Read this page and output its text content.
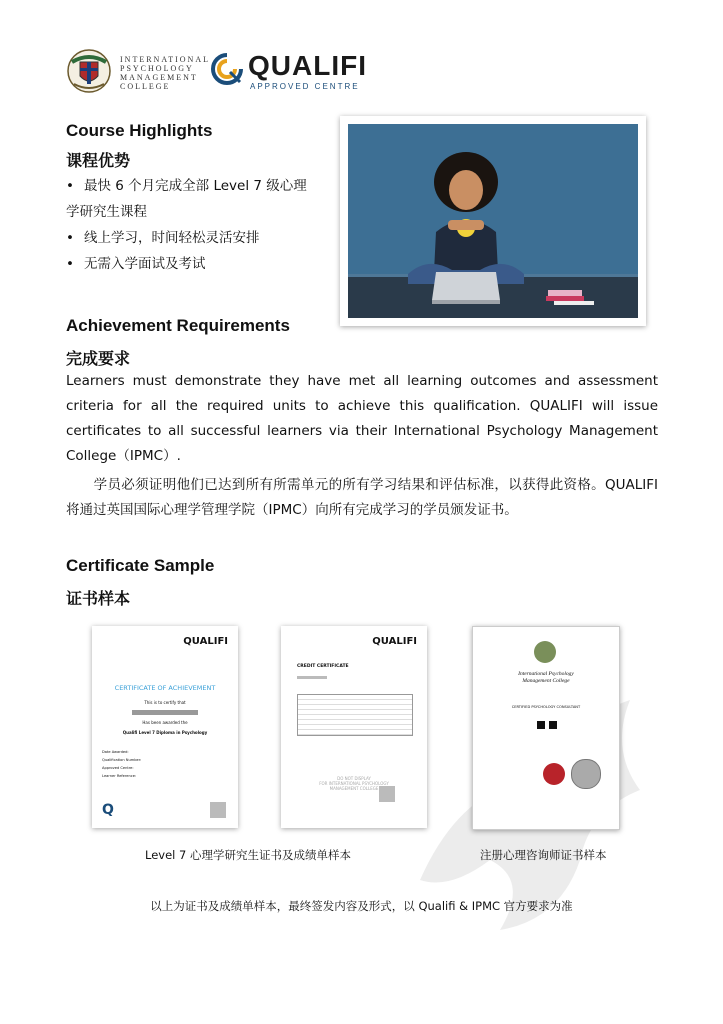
INTERNATIONAL
PSYCHOLOGY
MANAGEMENT
COLLEGE
QUALIFI
APPROVED CENTRE
Course Highlights
课程优势
• 最快 6 个月完成全部 Level 7 级心理
学研究生课程
• 线上学习，时间轻松灵活安排
• 无需入学面试及考试
Achievement Requirements
完成要求
Learners must demonstrate they have met all learning outcomes and assessment criteria for all the required units to achieve this qualification. QUALIFI will issue certificates to all successful learners via their International Psychology Management College（IPMC）.
　　学员必须证明他们已达到所有所需单元的所有学习结果和评估标准，以获得此资格。QUALIFI 将通过英国国际心理学管理学院（IPMC）向所有完成学习的学员颁发证书。
Certificate Sample
证书样本
QUALIFI
CERTIFICATE OF ACHIEVEMENT
This is to certify that
Has been awarded the
Qualifi Level 7 Diploma in Psychology
Date Awarded:
Qualification Number:
Approved Centre:
Learner Reference:
Q
QUALIFI
CREDIT CERTIFICATE
DO NOT DISPLAY
FOR INTERNATIONAL PSYCHOLOGY
MANAGEMENT COLLEGE
International Psychology
Management College
CERTIFIED PSYCHOLOGY CONSULTANT
Level 7 心理学研究生证书及成绩单样本	注册心理咨询师证书样本
以上为证书及成绩单样本，最终签发内容及形式，以 Qualifi & IPMC 官方要求为准
